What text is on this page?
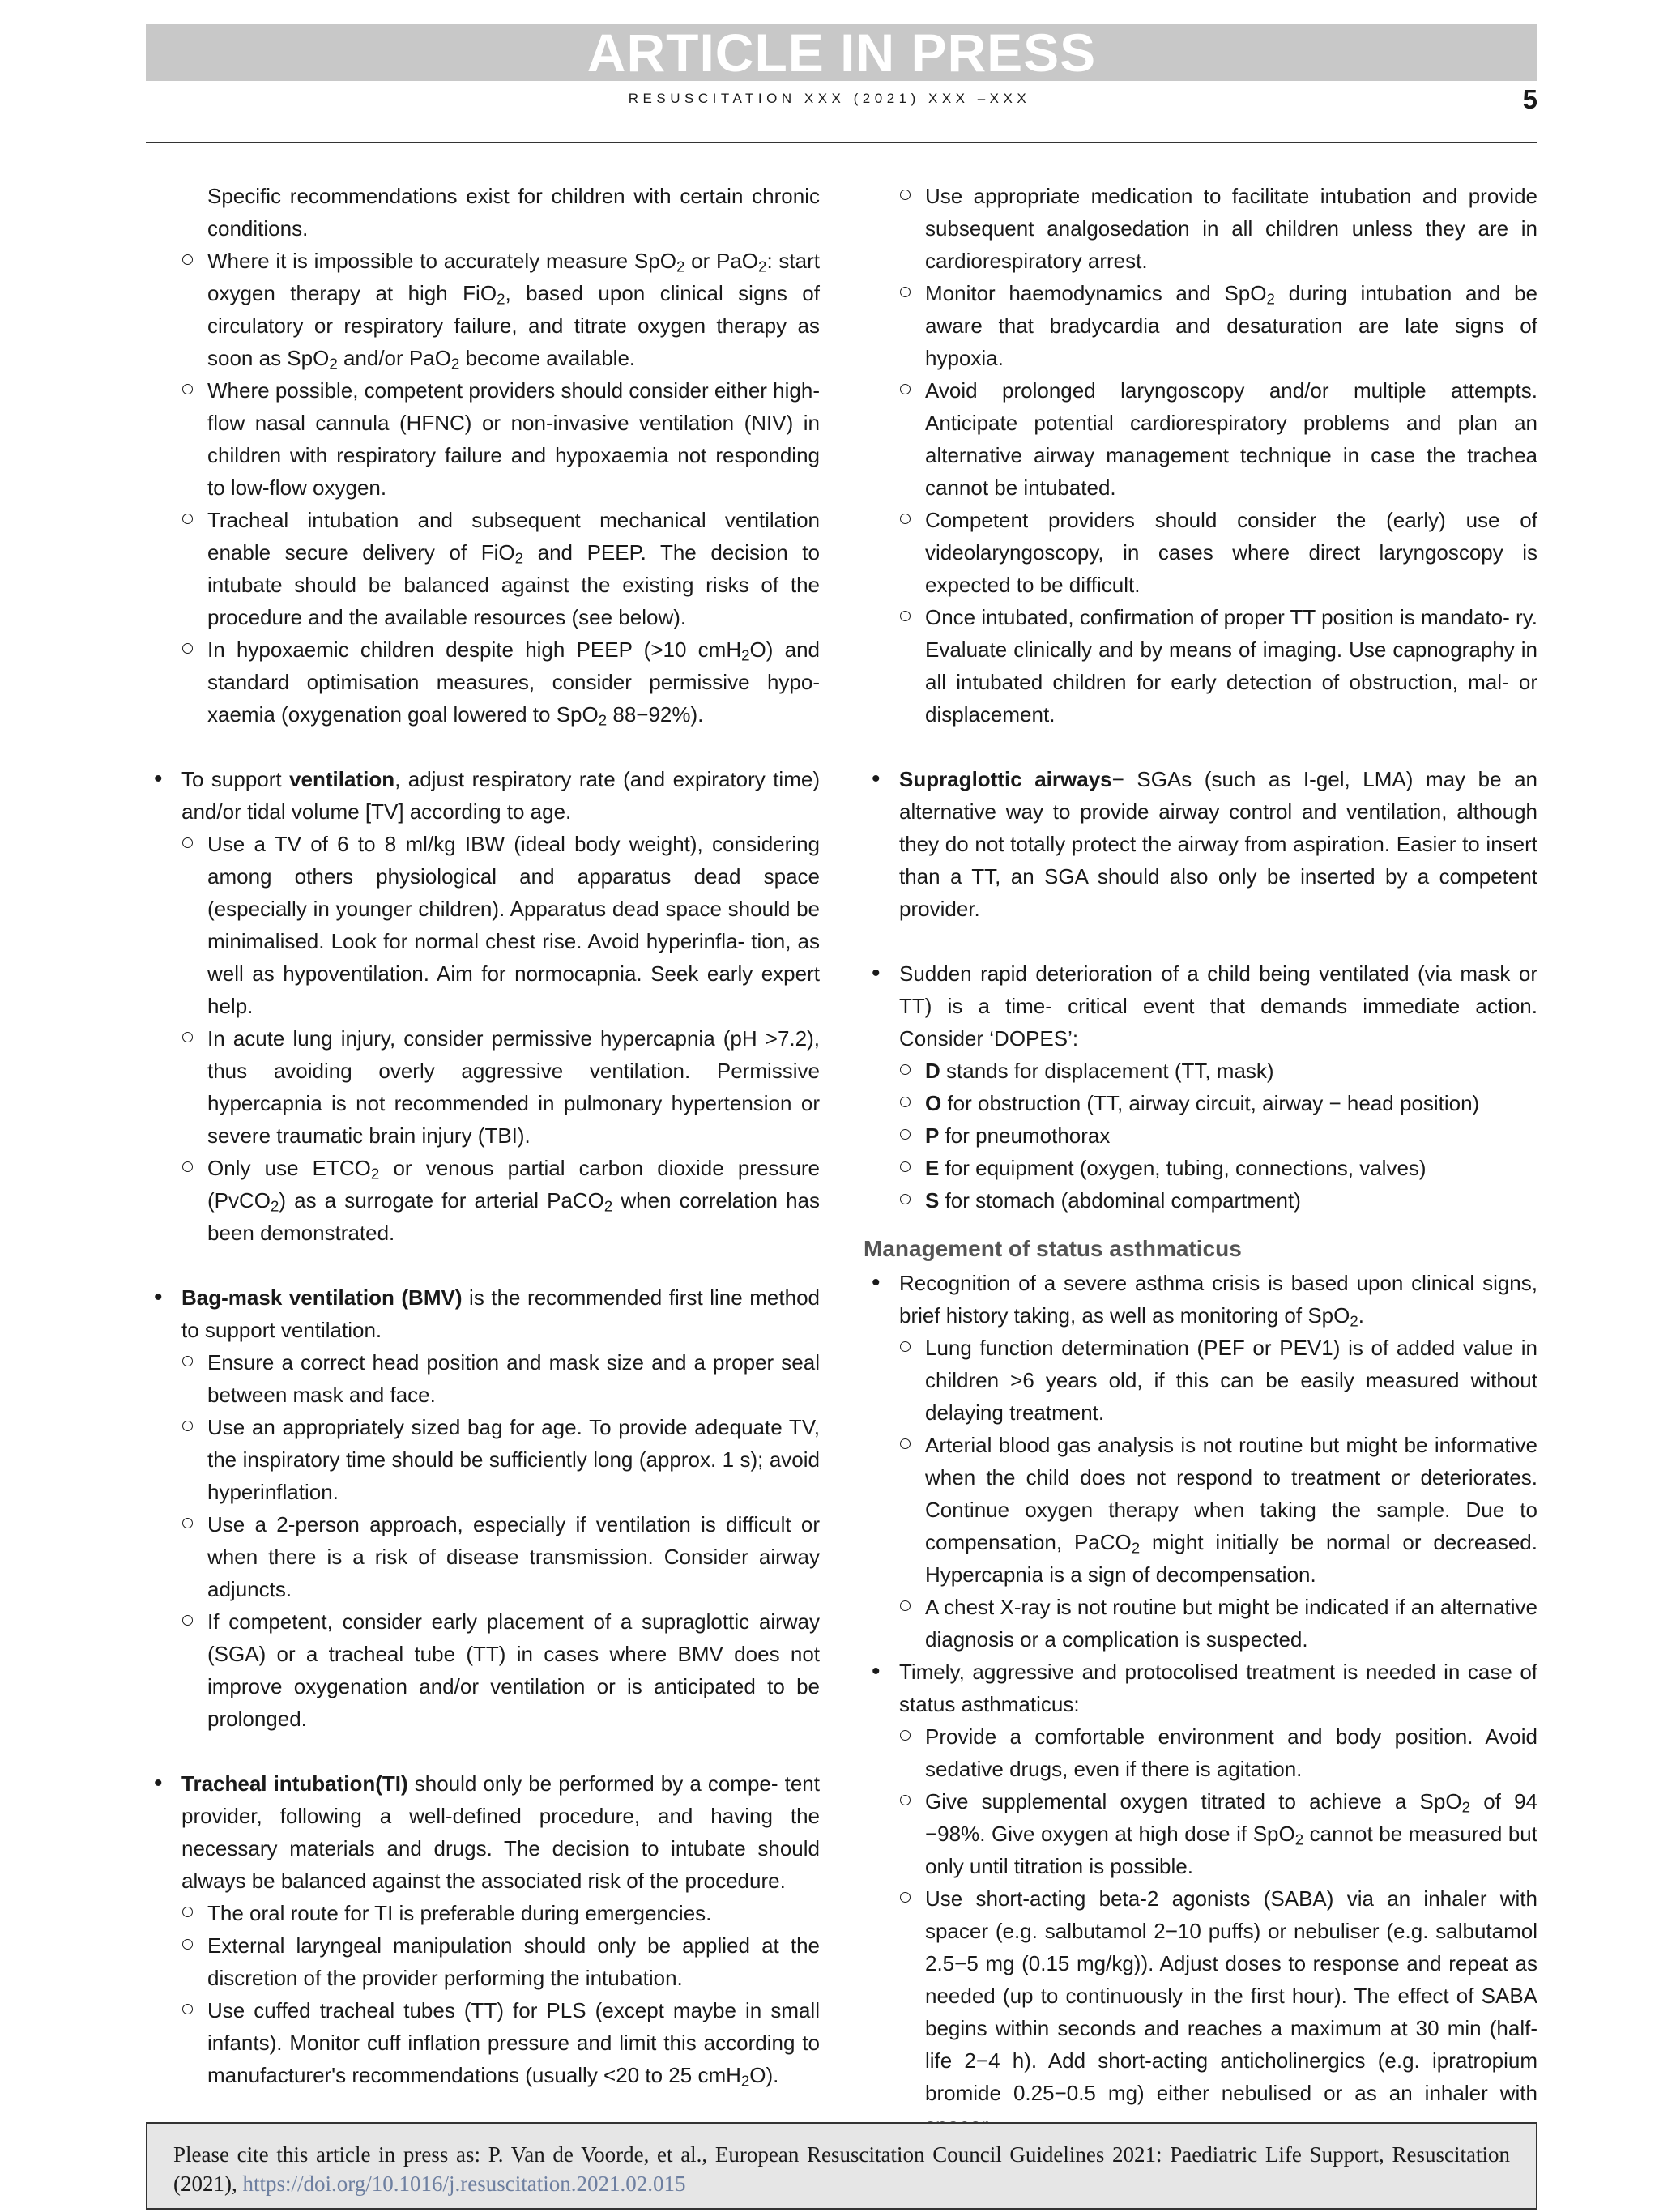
ARTICLE IN PRESS
RESUSCITATION XXX (2021) XXX –XXX	5
Specific recommendations exist for children with certain chronic conditions.
Where it is impossible to accurately measure SpO$_2$ or PaO$_2$: start oxygen therapy at high FiO$_2$, based upon clinical signs of circulatory or respiratory failure, and titrate oxygen therapy as soon as SpO$_2$ and/or PaO$_2$ become available.
Where possible, competent providers should consider either high-flow nasal cannula (HFNC) or non-invasive ventilation (NIV) in children with respiratory failure and hypoxaemia not responding to low-flow oxygen.
Tracheal intubation and subsequent mechanical ventilation enable secure delivery of FiO$_2$ and PEEP. The decision to intubate should be balanced against the existing risks of the procedure and the available resources (see below).
In hypoxaemic children despite high PEEP (>10 cmH$_2$O) and standard optimisation measures, consider permissive hypo- xaemia (oxygenation goal lowered to SpO$_2$ 88−92%).
• To support ventilation, adjust respiratory rate (and expiratory time) and/or tidal volume [TV] according to age.
Use a TV of 6 to 8 ml/kg IBW (ideal body weight), considering among others physiological and apparatus dead space (especially in younger children). Apparatus dead space should be minimalised. Look for normal chest rise. Avoid hyperinfla- tion, as well as hypoventilation. Aim for normocapnia. Seek early expert help.
In acute lung injury, consider permissive hypercapnia (pH >7.2), thus avoiding overly aggressive ventilation. Permissive hypercapnia is not recommended in pulmonary hypertension or severe traumatic brain injury (TBI).
Only use $ETCO_2$ or venous partial carbon dioxide pressure (PvCO$_2$) as a surrogate for arterial PaCO$_2$ when correlation has been demonstrated.
• Bag-mask ventilation (BMV) is the recommended first line method to support ventilation.
Ensure a correct head position and mask size and a proper seal between mask and face.
Use an appropriately sized bag for age. To provide adequate TV, the inspiratory time should be sufficiently long (approx. 1 s); avoid hyperinflation.
Use a 2-person approach, especially if ventilation is difficult or when there is a risk of disease transmission. Consider airway adjuncts.
If competent, consider early placement of a supraglottic airway (SGA) or a tracheal tube (TT) in cases where BMV does not improve oxygenation and/or ventilation or is anticipated to be prolonged.
• Tracheal intubation(TI) should only be performed by a compe- tent provider, following a well-defined procedure, and having the necessary materials and drugs. The decision to intubate should always be balanced against the associated risk of the procedure.
The oral route for TI is preferable during emergencies.
External laryngeal manipulation should only be applied at the discretion of the provider performing the intubation.
Use cuffed tracheal tubes (TT) for PLS (except maybe in small infants). Monitor cuff inflation pressure and limit this according to manufacturer's recommendations (usually <20 to 25 cmH$_2$O).
Use appropriate medication to facilitate intubation and provide subsequent analgosedation in all children unless they are in cardiorespiratory arrest.
Monitor haemodynamics and SpO$_2$ during intubation and be aware that bradycardia and desaturation are late signs of hypoxia.
Avoid prolonged laryngoscopy and/or multiple attempts. Anticipate potential cardiorespiratory problems and plan an alternative airway management technique in case the trachea cannot be intubated.
Competent providers should consider the (early) use of videolaryngoscopy, in cases where direct laryngoscopy is expected to be difficult.
Once intubated, confirmation of proper TT position is mandato- ry. Evaluate clinically and by means of imaging. Use capnography in all intubated children for early detection of obstruction, mal- or displacement.
• Supraglottic airways− SGAs (such as I-gel, LMA) may be an alternative way to provide airway control and ventilation, although they do not totally protect the airway from aspiration. Easier to insert than a TT, an SGA should also only be inserted by a competent provider.
• Sudden rapid deterioration of a child being ventilated (via mask or TT) is a time- critical event that demands immediate action. Consider ‘DOPES’:
D stands for displacement (TT, mask)
O for obstruction (TT, airway circuit, airway − head position)
P for pneumothorax
E for equipment (oxygen, tubing, connections, valves)
S for stomach (abdominal compartment)
Management of status asthmaticus
• Recognition of a severe asthma crisis is based upon clinical signs, brief history taking, as well as monitoring of SpO$_2$.
Lung function determination (PEF or PEV1) is of added value in children >6 years old, if this can be easily measured without delaying treatment.
Arterial blood gas analysis is not routine but might be informative when the child does not respond to treatment or deteriorates. Continue oxygen therapy when taking the sample. Due to compensation, PaCO$_2$ might initially be normal or decreased. Hypercapnia is a sign of decompensation.
A chest X-ray is not routine but might be indicated if an alternative diagnosis or a complication is suspected.
• Timely, aggressive and protocolised treatment is needed in case of status asthmaticus:
Provide a comfortable environment and body position. Avoid sedative drugs, even if there is agitation.
Give supplemental oxygen titrated to achieve a SpO$_2$ of 94 −98%. Give oxygen at high dose if SpO$_2$ cannot be measured but only until titration is possible.
Use short-acting beta-2 agonists (SABA) via an inhaler with spacer (e.g. salbutamol 2−10 puffs) or nebuliser (e.g. salbutamol 2.5−5 mg (0.15 mg/kg)). Adjust doses to response and repeat as needed (up to continuously in the first hour). The effect of SABA begins within seconds and reaches a maximum at 30 min (half- life 2−4 h). Add short-acting anticholinergics (e.g. ipratropium bromide 0.25−0.5 mg) either nebulised or as an inhaler with
Please cite this article in press as: P. Van de Voorde, et al., European Resuscitation Council Guidelines 2021: Paediatric Life Support, Resuscitation (2021), https://doi.org/10.1016/j.resuscitation.2021.02.015
